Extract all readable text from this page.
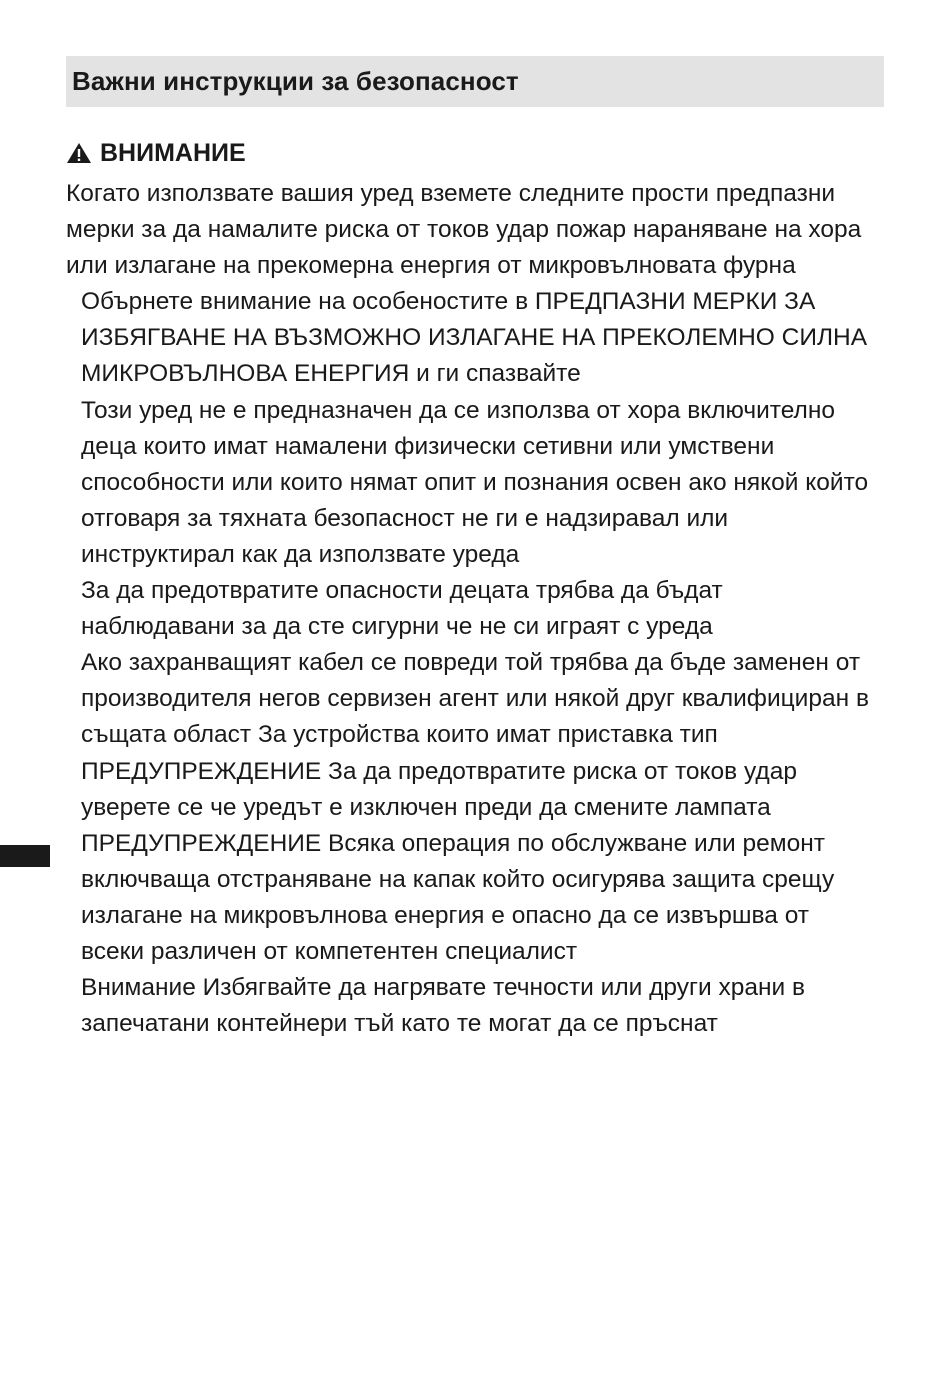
Важни инструкции за безопасност
ВНИМАНИЕ

Когато използвате вашия уред вземете следните прости предпазни мерки за да намалите риска от токов удар пожар нараняване на хора или излагане на прекомерна енергия от микровълновата фурна

Обърнете внимание на особеностите в ПРЕДПАЗНИ МЕРКИ ЗА ИЗБЯГВАНЕ НА ВЪЗМОЖНО ИЗЛАГАНЕ НА ПРЕКОЛЕМНО СИЛНА МИКРОВЪЛНОВА ЕНЕРГИЯ и ги спазвайте
Този уред не е предназначен да се използва от хора включително деца които имат намалени физически сетивни или умствени способности или които нямат опит и познания освен ако някой който отговаря за тяхната безопасност не ги е надзиравал или инструктирал как да използвате уреда
За да предотвратите опасности децата трябва да бъдат наблюдавани за да сте сигурни че не си играят с уреда
Ако захранващият кабел се повреди той трябва да бъде заменен от производителя негов сервизен агент или някой друг квалифициран в същата област За устройства които имат приставка тип
ПРЕДУПРЕЖДЕНИЕ За да предотвратите риска от токов удар уверете се че уредът е изключен преди да смените лампата
ПРЕДУПРЕЖДЕНИЕ Всяка операция по обслужване или ремонт включваща отстраняване на капак който осигурява защита срещу излагане на микровълнова енергия е опасно да се извършва от всеки различен от компетентен специалист
Внимание Избягвайте да нагрявате течности или други храни в запечатани контейнери тъй като те могат да се пръснат
